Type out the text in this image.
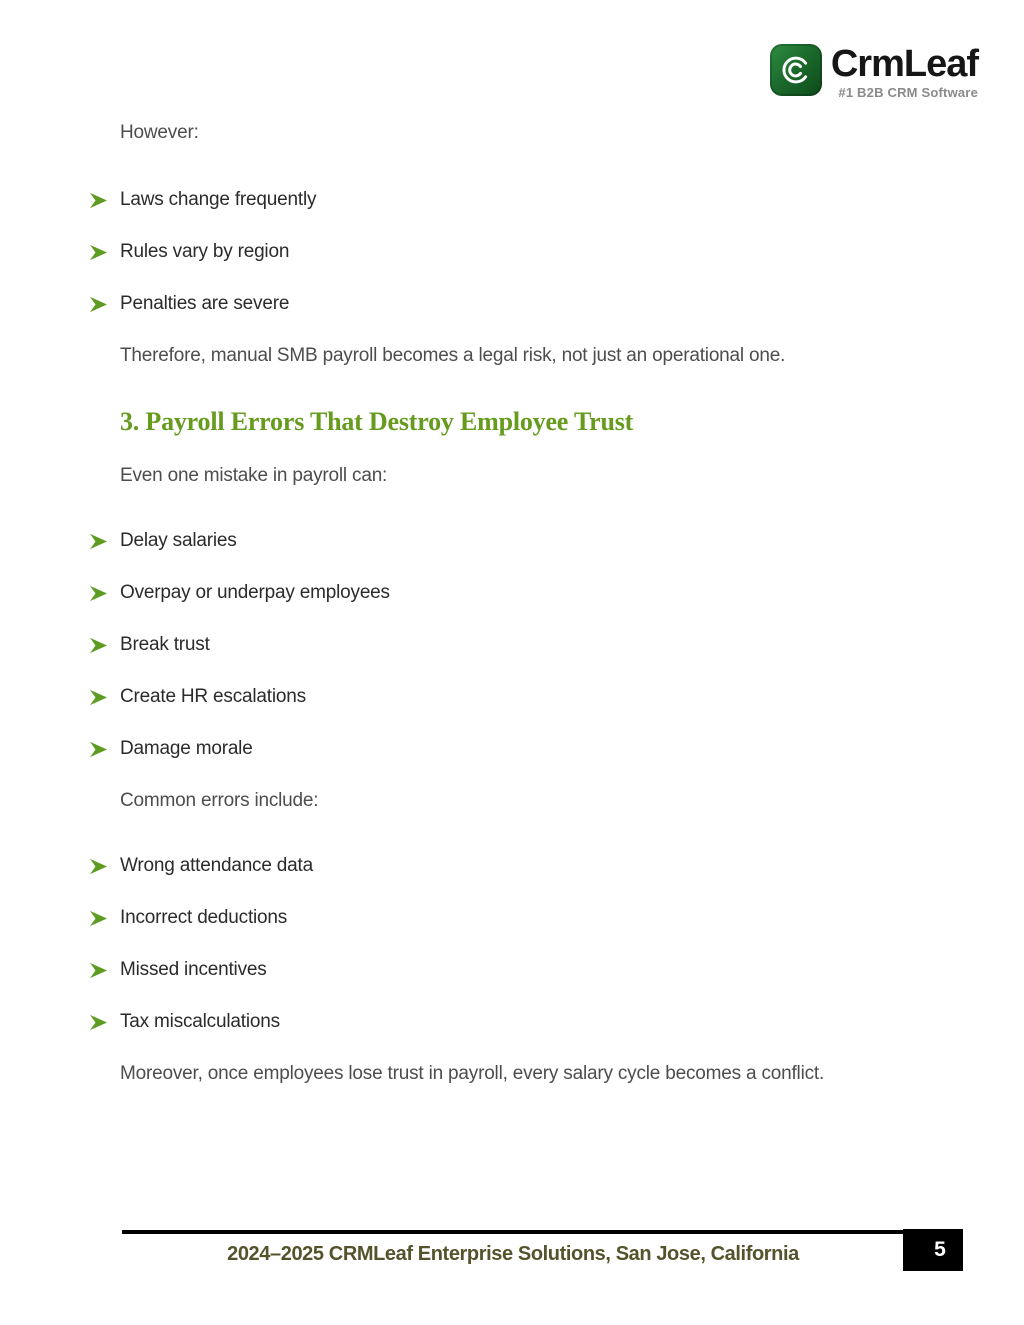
CrmLeaf
#1 B2B CRM Software

However:

Laws change frequently
Rules vary by region
Penalties are severe

Therefore, manual SMB payroll becomes a legal risk, not just an operational one.

3. Payroll Errors That Destroy Employee Trust

Even one mistake in payroll can:

Delay salaries
Overpay or underpay employees
Break trust
Create HR escalations
Damage morale

Common errors include:

Wrong attendance data
Incorrect deductions
Missed incentives
Tax miscalculations

Moreover, once employees lose trust in payroll, every salary cycle becomes a conflict.

2024–2025 CRMLeaf Enterprise Solutions, San Jose, California	5
